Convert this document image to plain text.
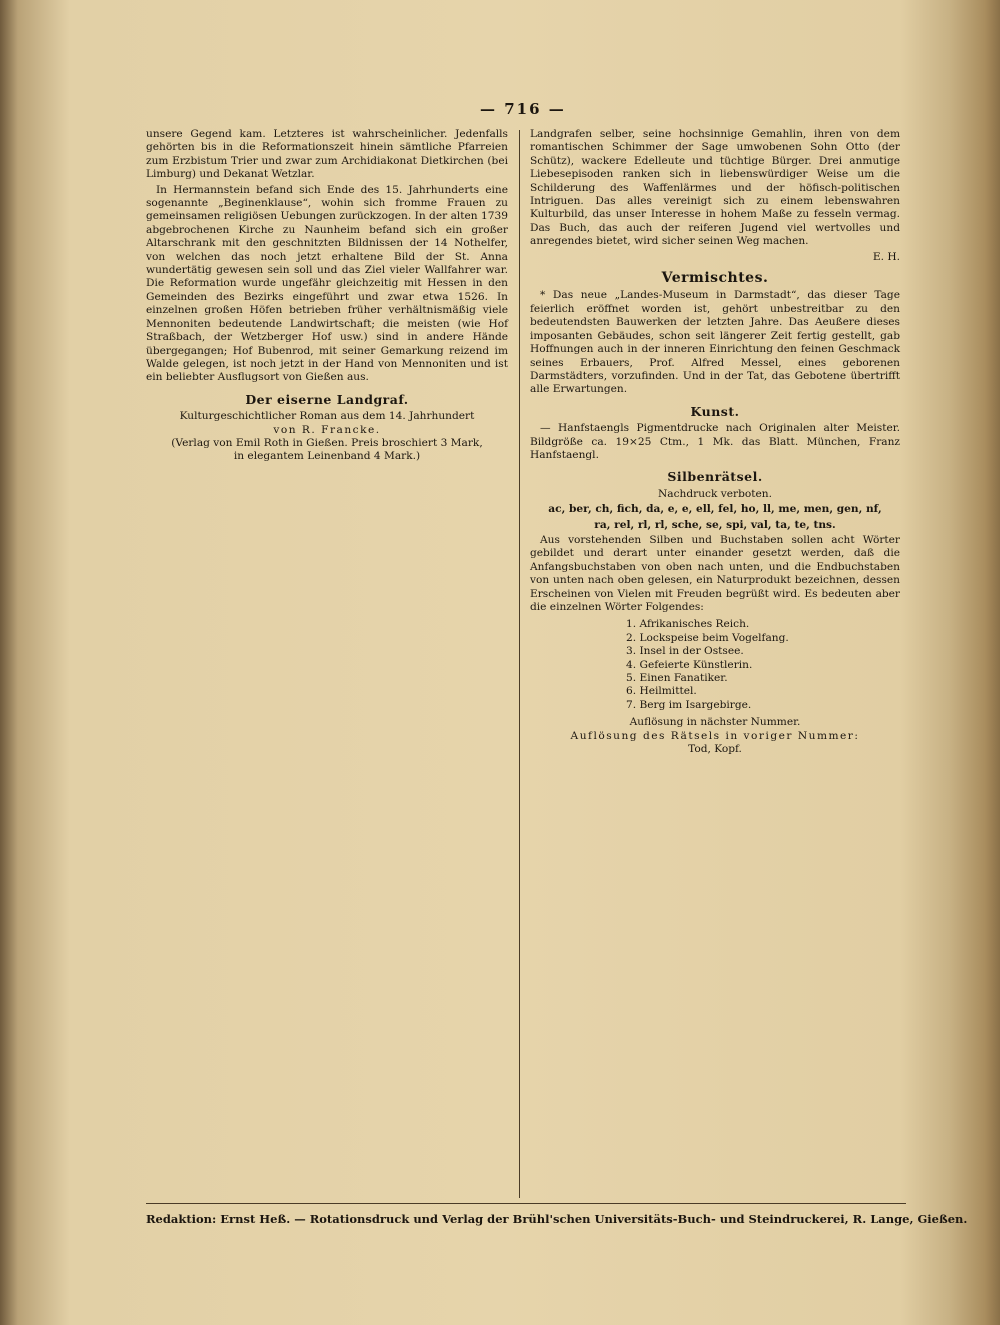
— 716 —

unsere Gegend kam. Letzteres ist wahrscheinlicher. Jedenfalls gehörten bis in die Reformationszeit hinein sämtliche Pfarreien zum Erzbistum Trier und zwar zum Archidiakonat Dietkirchen (bei Limburg) und Dekanat Wetzlar.

In Hermannstein befand sich Ende des 15. Jahrhunderts eine sogenannte „Beginenklause“, wohin sich fromme Frauen zu gemeinsamen religiösen Uebungen zurückzogen. In der alten 1739 abgebrochenen Kirche zu Naunheim befand sich ein großer Altarschrank mit den geschnitzten Bildnissen der 14 Nothelfer, von welchen das noch jetzt erhaltene Bild der St. Anna wundertätig gewesen sein soll und das Ziel vieler Wallfahrer war. Die Reformation wurde ungefähr gleichzeitig mit Hessen in den Gemeinden des Bezirks eingeführt und zwar etwa 1526. In einzelnen großen Höfen betrieben früher verhältnismäßig viele Mennoniten bedeutende Landwirtschaft; die meisten (wie Hof Straßbach, der Wetzberger Hof usw.) sind in andere Hände übergegangen; Hof Bubenrod, mit seiner Gemarkung reizend im Walde gelegen, ist noch jetzt in der Hand von Mennoniten und ist ein beliebter Ausflugsort von Gießen aus.

Der eiserne Landgraf.

Kulturgeschichtlicher Roman aus dem 14. Jahrhundert

von R. Francke.

(Verlag von Emil Roth in Gießen. Preis broschiert 3 Mark,

in elegantem Leinenband 4 Mark.)

Landgrafen selber, seine hochsinnige Gemahlin, ihren von dem romantischen Schimmer der Sage umwobenen Sohn Otto (der Schütz), wackere Edelleute und tüchtige Bürger. Drei anmutige Liebesepisoden ranken sich in liebenswürdiger Weise um die Schilderung des Waffenlärmes und der höfisch-politischen Intriguen. Das alles vereinigt sich zu einem lebenswahren Kulturbild, das unser Interesse in hohem Maße zu fesseln vermag. Das Buch, das auch der reiferen Jugend viel wertvolles und anregendes bietet, wird sicher seinen Weg machen.

E. H.

Vermischtes.

* Das neue „Landes-Museum in Darmstadt“, das dieser Tage feierlich eröffnet worden ist, gehört unbestreitbar zu den bedeutendsten Bauwerken der letzten Jahre. Das Aeußere dieses imposanten Gebäudes, schon seit längerer Zeit fertig gestellt, gab Hoffnungen auch in der inneren Einrichtung den feinen Geschmack seines Erbauers, Prof. Alfred Messel, eines geborenen Darmstädters, vorzufinden. Und in der Tat, das Gebotene übertrifft alle Erwartungen.

Kunst.

— Hanfstaengls Pigmentdrucke nach Originalen alter Meister. Bildgröße ca. 19×25 Ctm., 1 Mk. das Blatt. München, Franz Hanfstaengl.

Silbenrätsel.

Nachdruck verboten.

ac, ber, ch, fich, da, e, e, ell, fel, ho, ll, me, men, gen, nf,

ra, rel, rl, rl, sche, se, spi, val, ta, te, tns.

Aus vorstehenden Silben und Buchstaben sollen acht Wörter gebildet und derart unter einander gesetzt werden, daß die Anfangsbuchstaben von oben nach unten, und die Endbuchstaben von unten nach oben gelesen, ein Naturprodukt bezeichnen, dessen Erscheinen von Vielen mit Freuden begrüßt wird. Es bedeuten aber die einzelnen Wörter Folgendes:

1. Afrikanisches Reich.
2. Lockspeise beim Vogelfang.
3. Insel in der Ostsee.
4. Gefeierte Künstlerin.
5. Einen Fanatiker.
6. Heilmittel.
7. Berg im Isargebirge.

Auflösung in nächster Nummer.

Auflösung des Rätsels in voriger Nummer:

Tod, Kopf.

Redaktion: Ernst Heß. — Rotationsdruck und Verlag der Brühl'schen Universitäts-Buch- und Steindruckerei, R. Lange, Gießen.
